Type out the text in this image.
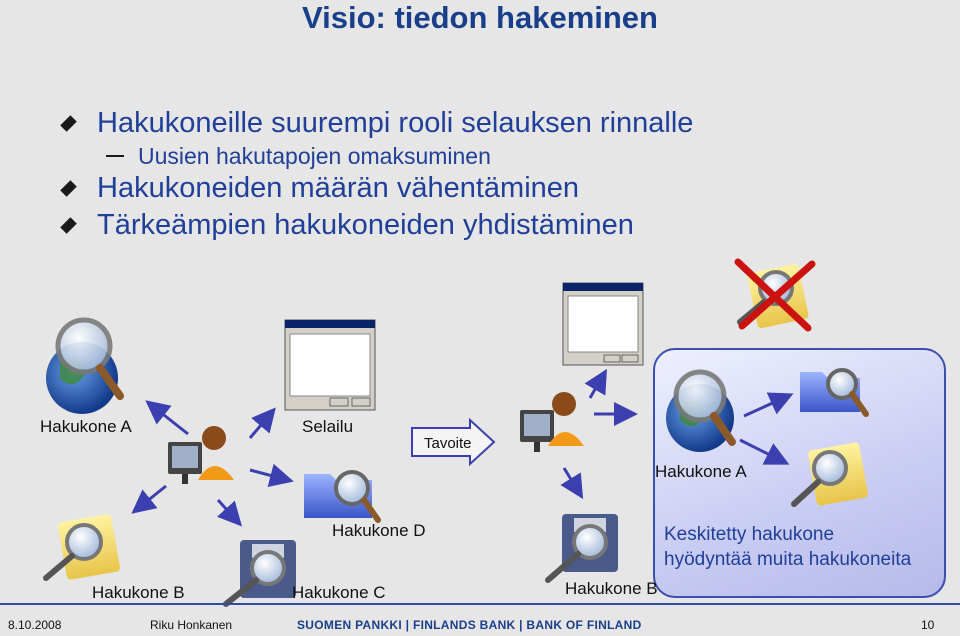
Visio: tiedon hakeminen
Hakukoneille suurempi rooli selauksen rinnalle
Uusien hakutapojen omaksuminen
Hakukoneiden määrän vähentäminen
Tärkeämpien hakukoneiden yhdistäminen
Hakukone A	Selailu
Tavoite
Hakukone A
Hakukone D
Hakukone B	Hakukone C	Hakukone B
Keskitetty hakukone
hyödyntää muita hakukoneita
8.10.2008	Riku Honkanen	SUOMEN PANKKI | FINLANDS BANK | BANK OF FINLAND	10
